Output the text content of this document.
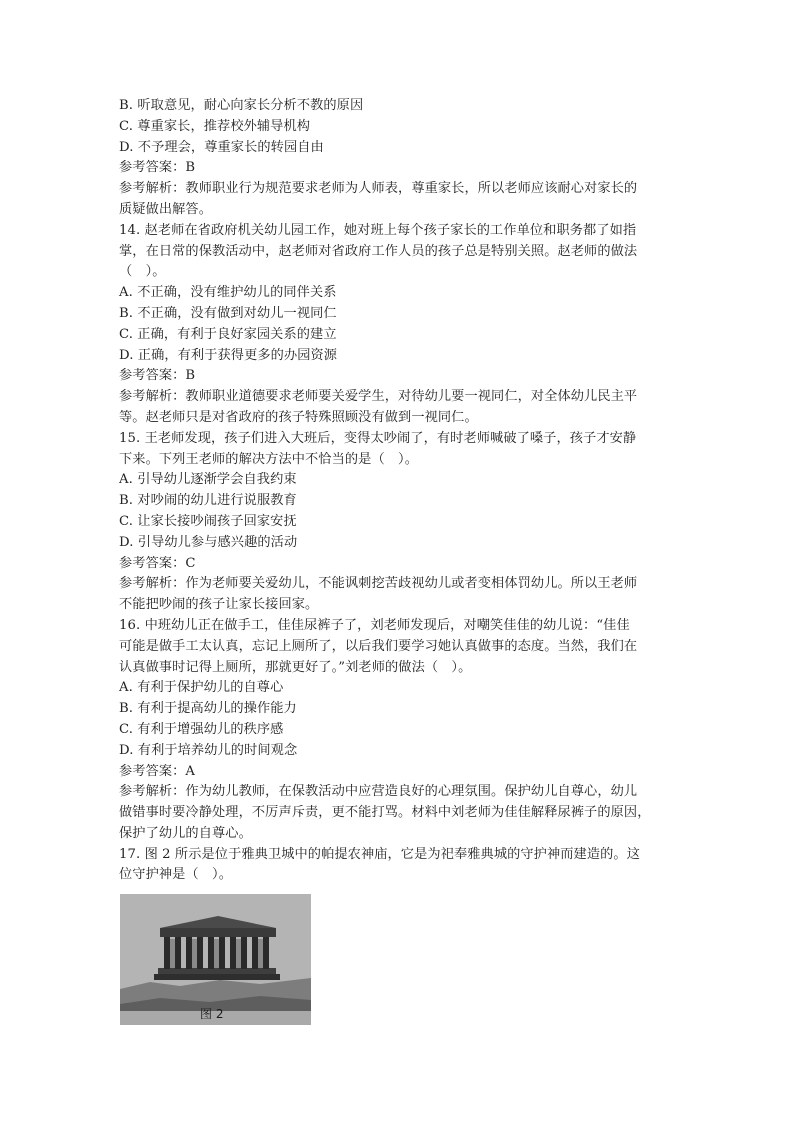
B. 听取意见，耐心向家长分析不教的原因
C. 尊重家长，推荐校外辅导机构
D. 不予理会，尊重家长的转园自由
参考答案：B
参考解析：教师职业行为规范要求老师为人师表，尊重家长，所以老师应该耐心对家长的
质疑做出解答。
14. 赵老师在省政府机关幼儿园工作，她对班上每个孩子家长的工作单位和职务都了如指
掌，在日常的保教活动中，赵老师对省政府工作人员的孩子总是特别关照。赵老师的做法
（　）。
A. 不正确，没有维护幼儿的同伴关系
B. 不正确，没有做到对幼儿一视同仁
C. 正确，有利于良好家园关系的建立
D. 正确，有利于获得更多的办园资源
参考答案：B
参考解析：教师职业道德要求老师要关爱学生，对待幼儿要一视同仁，对全体幼儿民主平
等。赵老师只是对省政府的孩子特殊照顾没有做到一视同仁。
15. 王老师发现，孩子们进入大班后，变得太吵闹了，有时老师喊破了嗓子，孩子才安静
下来。下列王老师的解决方法中不恰当的是（　）。
A. 引导幼儿逐渐学会自我约束
B. 对吵闹的幼儿进行说服教育
C. 让家长接吵闹孩子回家安抚
D. 引导幼儿参与感兴趣的活动
参考答案：C
参考解析：作为老师要关爱幼儿，不能讽刺挖苦歧视幼儿或者变相体罚幼儿。所以王老师
不能把吵闹的孩子让家长接回家。
16. 中班幼儿正在做手工，佳佳尿裤子了，刘老师发现后，对嘲笑佳佳的幼儿说：“佳佳
可能是做手工太认真，忘记上厕所了，以后我们要学习她认真做事的态度。当然，我们在
认真做事时记得上厕所，那就更好了。”刘老师的做法（　）。
A. 有利于保护幼儿的自尊心
B. 有利于提高幼儿的操作能力
C. 有利于增强幼儿的秩序感
D. 有利于培养幼儿的时间观念
参考答案：A
参考解析：作为幼儿教师，在保教活动中应营造良好的心理氛围。保护幼儿自尊心，幼儿
做错事时要冷静处理，不厉声斥责，更不能打骂。材料中刘老师为佳佳解释尿裤子的原因，
保护了幼儿的自尊心。
17. 图 2 所示是位于雅典卫城中的帕提农神庙，它是为祀奉雅典城的守护神而建造的。这
位守护神是（　）。
图 2
